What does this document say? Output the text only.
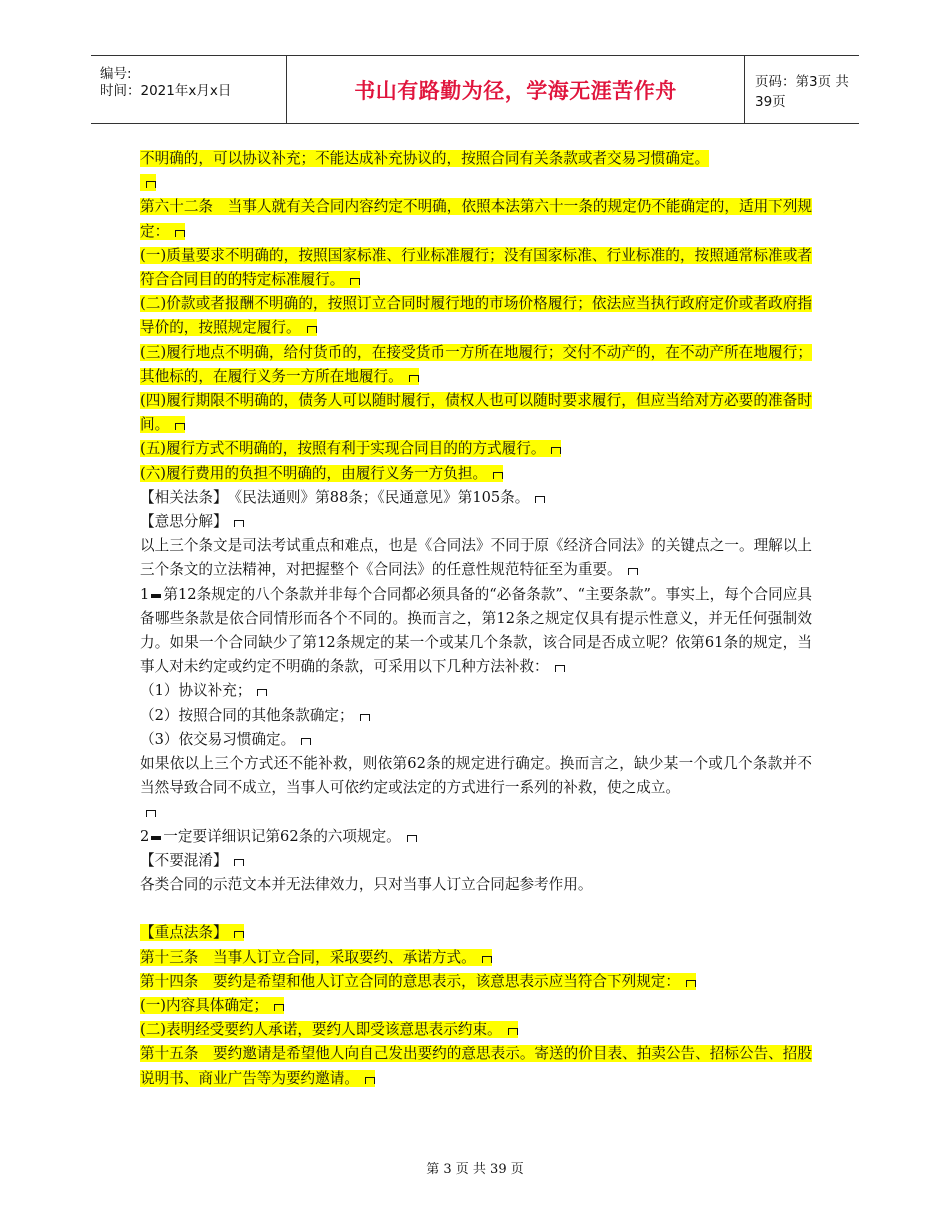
编号:
时间：2021年x月x日	书山有路勤为径，学海无涯苦作舟	页码：第3页 共39页

不明确的，可以协议补充；不能达成补充协议的，按照合同有关条款或者交易习惯确定。

第六十二条　当事人就有关合同内容约定不明确，依照本法第六十一条的规定仍不能确定的，适用下列规定：

(一)质量要求不明确的，按照国家标准、行业标准履行；没有国家标准、行业标准的，按照通常标准或者符合合同目的的特定标准履行。

(二)价款或者报酬不明确的，按照订立合同时履行地的市场价格履行；依法应当执行政府定价或者政府指导价的，按照规定履行。

(三)履行地点不明确，给付货币的，在接受货币一方所在地履行；交付不动产的，在不动产所在地履行；其他标的，在履行义务一方所在地履行。

(四)履行期限不明确的，债务人可以随时履行，债权人也可以随时要求履行，但应当给对方必要的准备时间。

(五)履行方式不明确的，按照有利于实现合同目的的方式履行。

(六)履行费用的负担不明确的，由履行义务一方负担。

【相关法条】　《民法通则》第88条；《民通意见》第105条。

【意思分解】

以上三个条文是司法考试重点和难点，也是《合同法》不同于原《经济合同法》的关键点之一。理解以上三个条文的立法精神，对把握整个《合同法》的任意性规范特征至为重要。

1 第12条规定的八个条款并非每个合同都必须具备的“必备条款”、“主要条款”。事实上，每个合同应具备哪些条款是依合同情形而各个不同的。换而言之，第12条之规定仅具有提示性意义，并无任何强制效力。如果一个合同缺少了第12条规定的某一个或某几个条款，该合同是否成立呢？依第61条的规定，当事人对未约定或约定不明确的条款，可采用以下几种方法补救：

（1）协议补充；

（2）按照合同的其他条款确定；

（3）依交易习惯确定。

如果依以上三个方式还不能补救，则依第62条的规定进行确定。换而言之，缺少某一个或几个条款并不当然导致合同不成立，当事人可依约定或法定的方式进行一系列的补救，使之成立。

2 一定要详细识记第62条的六项规定。

【不要混淆】

各类合同的示范文本并无法律效力，只对当事人订立合同起参考作用。

【重点法条】

第十三条　当事人订立合同，采取要约、承诺方式。

第十四条　要约是希望和他人订立合同的意思表示，该意思表示应当符合下列规定：

(一)内容具体确定；

(二)表明经受要约人承诺，要约人即受该意思表示约束。

第十五条　要约邀请是希望他人向自己发出要约的意思表示。寄送的价目表、拍卖公告、招标公告、招股说明书、商业广告等为要约邀请。

第 3 页 共 39 页
